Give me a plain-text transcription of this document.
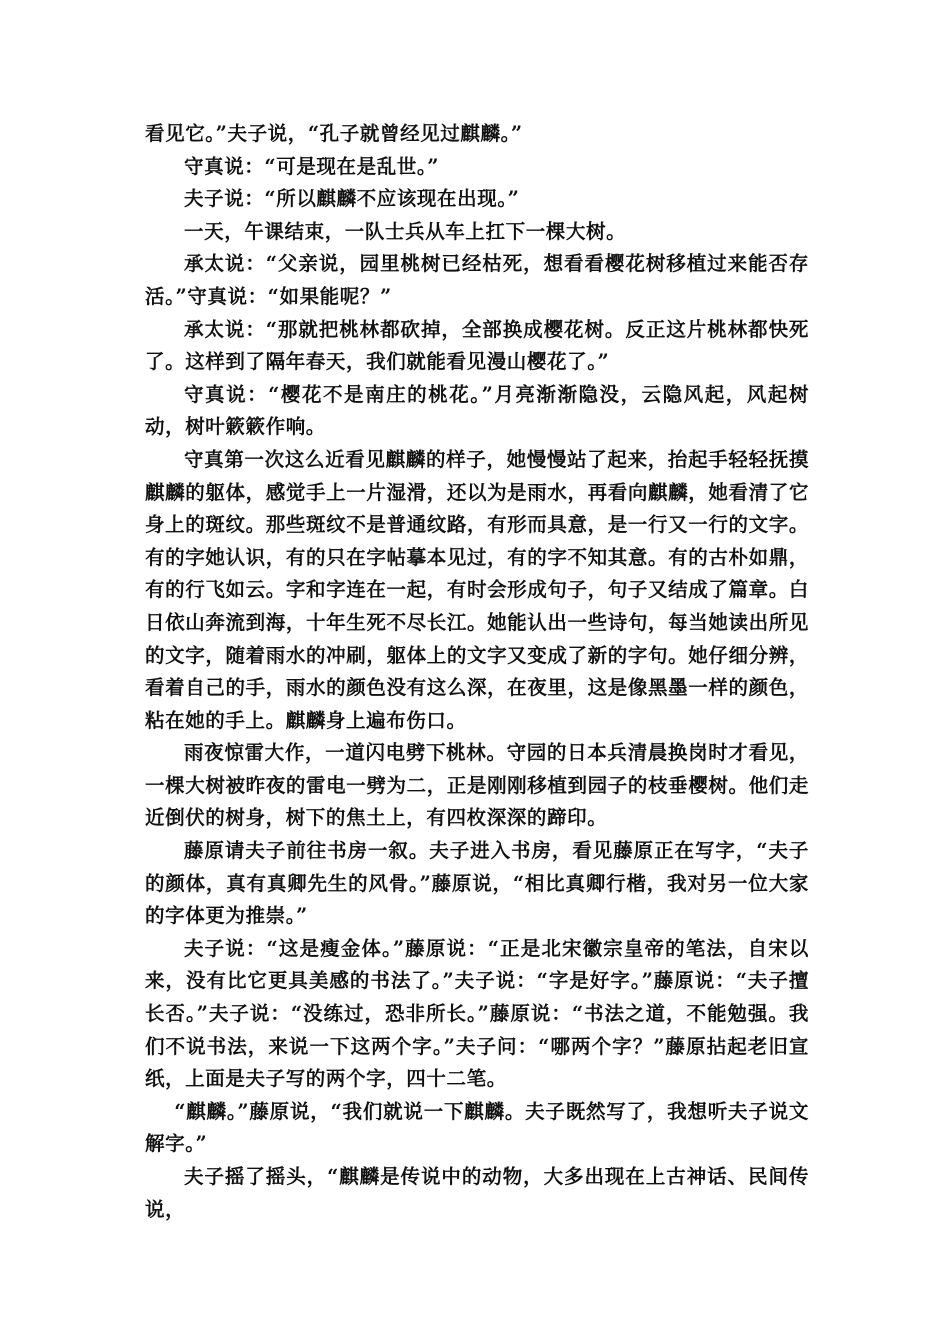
看见它。”夫子说，“孔子就曾经见过麒麟。”

守真说：“可是现在是乱世。”

夫子说：“所以麒麟不应该现在出现。”

一天，午课结束，一队士兵从车上扛下一棵大树。

承太说：“父亲说，园里桃树已经枯死，想看看樱花树移植过来能否存活。”守真说：“如果能呢？”

承太说：“那就把桃林都砍掉，全部换成樱花树。反正这片桃林都快死了。这样到了隔年春天，我们就能看见漫山樱花了。”

守真说：“樱花不是南庄的桃花。”月亮渐渐隐没，云隐风起，风起树动，树叶簌簌作响。

守真第一次这么近看见麒麟的样子，她慢慢站了起来，抬起手轻轻抚摸麒麟的躯体，感觉手上一片湿滑，还以为是雨水，再看向麒麟，她看清了它身上的斑纹。那些斑纹不是普通纹路，有形而具意，是一行又一行的文字。有的字她认识，有的只在字帖摹本见过，有的字不知其意。有的古朴如鼎，有的行飞如云。字和字连在一起，有时会形成句子，句子又结成了篇章。白日依山奔流到海，十年生死不尽长江。她能认出一些诗句，每当她读出所见的文字，随着雨水的冲刷，躯体上的文字又变成了新的字句。她仔细分辨，看着自己的手，雨水的颜色没有这么深，在夜里，这是像黑墨一样的颜色，粘在她的手上。麒麟身上遍布伤口。

雨夜惊雷大作，一道闪电劈下桃林。守园的日本兵清晨换岗时才看见，一棵大树被昨夜的雷电一劈为二，正是刚刚移植到园子的枝垂樱树。他们走近倒伏的树身，树下的焦土上，有四枚深深的蹄印。

藤原请夫子前往书房一叙。夫子进入书房，看见藤原正在写字，“夫子的颜体，真有真卿先生的风骨。”藤原说，“相比真卿行楷，我对另一位大家的字体更为推崇。”

夫子说：“这是瘦金体。”藤原说：“正是北宋徽宗皇帝的笔法，自宋以来，没有比它更具美感的书法了。”夫子说：“字是好字。”藤原说：“夫子擅长否。”夫子说：“没练过，恐非所长。”藤原说：“书法之道，不能勉强。我们不说书法，来说一下这两个字。”夫子问：“哪两个字？”藤原拈起老旧宣纸，上面是夫子写的两个字，四十二笔。

“麒麟。”藤原说，“我们就说一下麒麟。夫子既然写了，我想听夫子说文解字。”

夫子摇了摇头，“麒麟是传说中的动物，大多出现在上古神话、民间传说，
